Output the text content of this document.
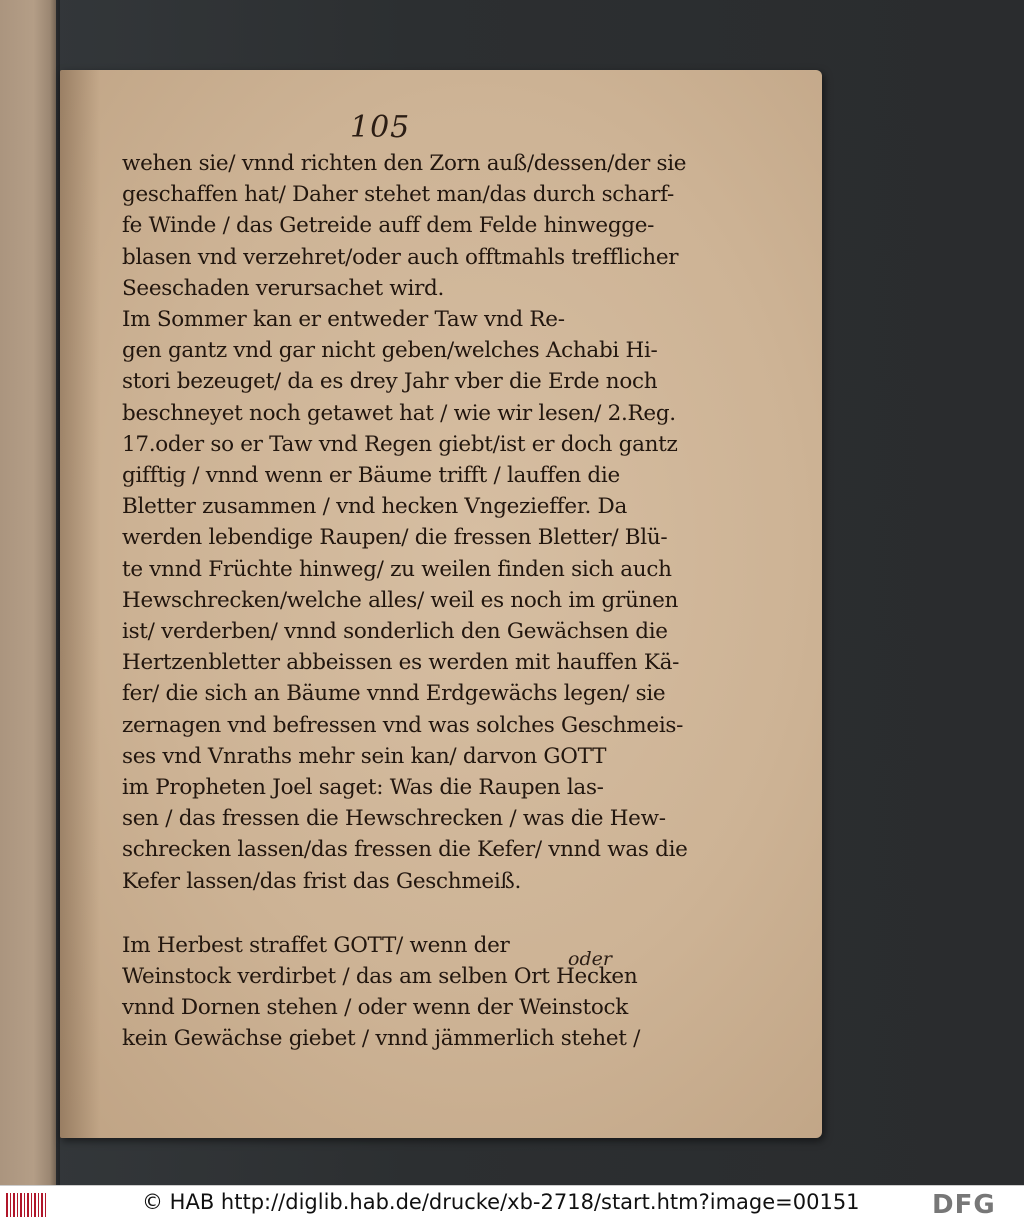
105
wehen sie/ vnnd richten den Zorn auß/dessen/der sie
geschaffen hat/ Daher stehet man/das durch scharf-
fe Winde / das Getreide auff dem Felde hinwegge-
blasen vnd verzehret/oder auch offtmahls trefflicher
Seeschaden verursachet wird.
Im Sommer kan er entweder Taw vnd Re-
gen gantz vnd gar nicht geben/welches Achabi Hi-
stori bezeuget/ da es drey Jahr vber die Erde noch
beschneyet noch getawet hat / wie wir lesen/ 2.Reg.
17.oder so er Taw vnd Regen giebt/ist er doch gantz
gifftig / vnnd wenn er Bäume trifft / lauffen die
Bletter zusammen / vnd hecken Vngezieffer. Da
werden lebendige Raupen/ die fressen Bletter/ Blü-
te vnnd Früchte hinweg/ zu weilen finden sich auch
Hewschrecken/welche alles/ weil es noch im grünen
ist/ verderben/ vnnd sonderlich den Gewächsen die
Hertzenbletter abbeissen es werden mit hauffen Kä-
fer/ die sich an Bäume vnnd Erdgewächs legen/ sie
zernagen vnd befressen vnd was solches Geschmeis-
ses vnd Vnraths mehr sein kan/ darvon GOTT
im Propheten Joel saget: Was die Raupen las-
sen / das fressen die Hewschrecken / was die Hew-
schrecken lassen/das fressen die Kefer/ vnnd was die
Kefer lassen/das frist das Geschmeiß.
Im Herbest straffet GOTT/ wenn der
Weinstock verdirbet / das am selben Ort Hecken
vnnd Dornen stehen / oder wenn der Weinstock
kein Gewächse giebet / vnnd jämmerlich stehet /
oder
© HAB http://diglib.hab.de/drucke/xb-2718/start.htm?image=00151	DFG
